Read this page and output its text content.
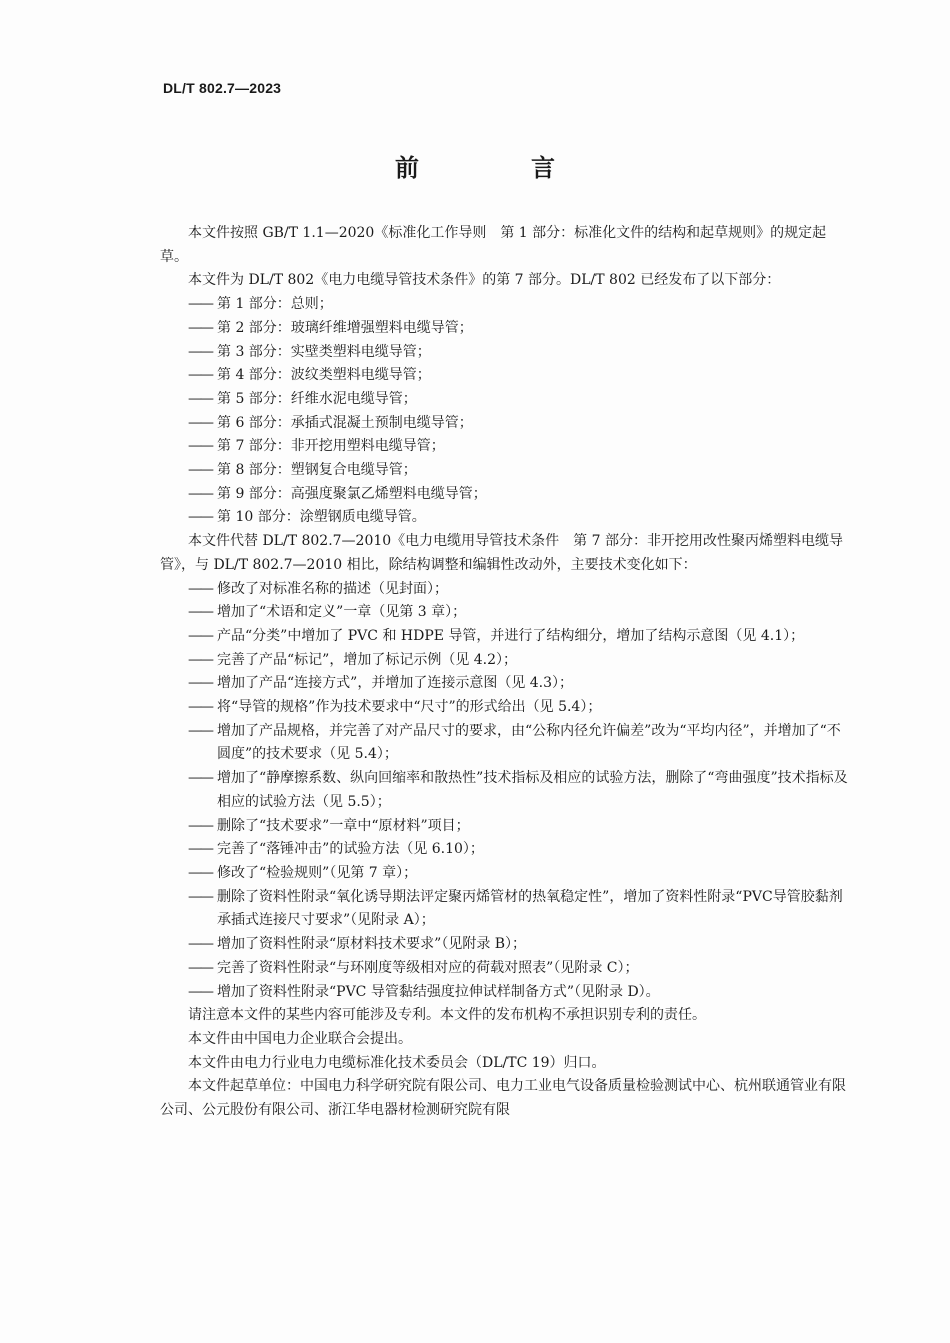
DL/T 802.7—2023
前　言

本文件按照 GB/T 1.1—2020《标准化工作导则　第 1 部分：标准化文件的结构和起草规则》的规定起草。

本文件为 DL/T 802《电力电缆导管技术条件》的第 7 部分。DL/T 802 已经发布了以下部分：

—— 第 1 部分：总则；

—— 第 2 部分：玻璃纤维增强塑料电缆导管；

—— 第 3 部分：实壁类塑料电缆导管；

—— 第 4 部分：波纹类塑料电缆导管；

—— 第 5 部分：纤维水泥电缆导管；

—— 第 6 部分：承插式混凝土预制电缆导管；

—— 第 7 部分：非开挖用塑料电缆导管；

—— 第 8 部分：塑钢复合电缆导管；

—— 第 9 部分：高强度聚氯乙烯塑料电缆导管；

—— 第 10 部分：涂塑钢质电缆导管。

本文件代替 DL/T 802.7—2010《电力电缆用导管技术条件　第 7 部分：非开挖用改性聚丙烯塑料电缆导管》，与 DL/T 802.7—2010 相比，除结构调整和编辑性改动外，主要技术变化如下：

—— 修改了对标准名称的描述（见封面）；

—— 增加了“术语和定义”一章（见第 3 章）；

—— 产品“分类”中增加了 PVC 和 HDPE 导管，并进行了结构细分，增加了结构示意图（见 4.1）；

—— 完善了产品“标记”，增加了标记示例（见 4.2）；

—— 增加了产品“连接方式”，并增加了连接示意图（见 4.3）；

—— 将“导管的规格”作为技术要求中“尺寸”的形式给出（见 5.4）；

—— 增加了产品规格，并完善了对产品尺寸的要求，由“公称内径允许偏差”改为“平均内径”，并增加了“不圆度”的技术要求（见 5.4）；

—— 增加了“静摩擦系数、纵向回缩率和散热性”技术指标及相应的试验方法，删除了“弯曲强度”技术指标及相应的试验方法（见 5.5）；

—— 删除了“技术要求”一章中“原材料”项目；

—— 完善了“落锤冲击”的试验方法（见 6.10）；

—— 修改了“检验规则”（见第 7 章）；

—— 删除了资料性附录“氧化诱导期法评定聚丙烯管材的热氧稳定性”，增加了资料性附录“PVC导管胶黏剂承插式连接尺寸要求”（见附录 A）；

—— 增加了资料性附录“原材料技术要求”（见附录 B）；

—— 完善了资料性附录“与环刚度等级相对应的荷载对照表”（见附录 C）；

—— 增加了资料性附录“PVC 导管黏结强度拉伸试样制备方式”（见附录 D）。

请注意本文件的某些内容可能涉及专利。本文件的发布机构不承担识别专利的责任。

本文件由中国电力企业联合会提出。

本文件由电力行业电力电缆标准化技术委员会（DL/TC 19）归口。

本文件起草单位：中国电力科学研究院有限公司、电力工业电气设备质量检验测试中心、杭州联通管业有限公司、公元股份有限公司、浙江华电器材检测研究院有限
